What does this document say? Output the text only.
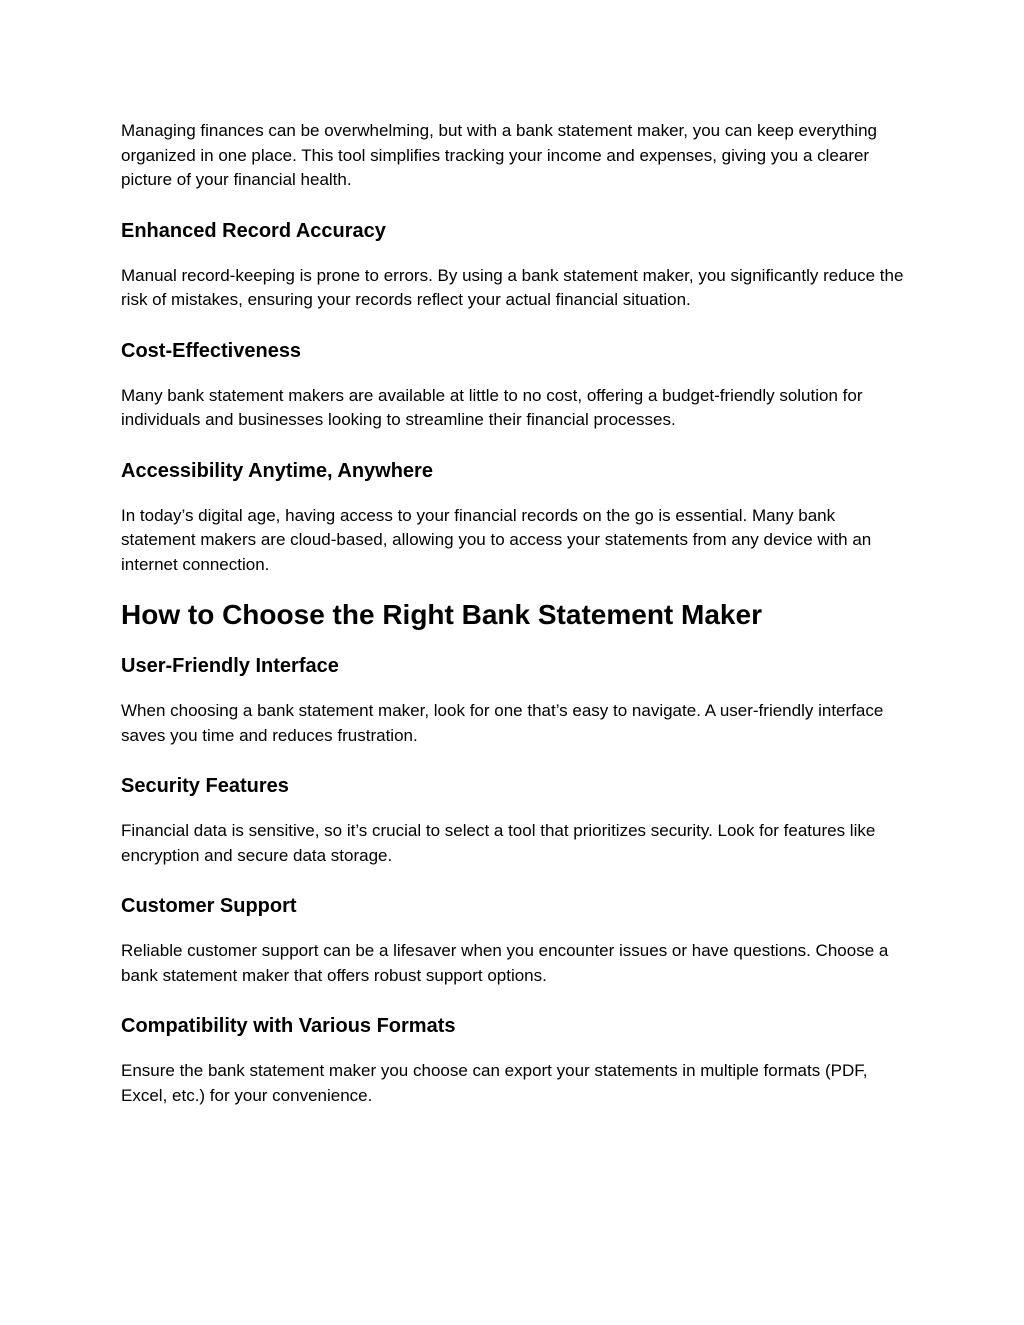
Managing finances can be overwhelming, but with a bank statement maker, you can keep everything organized in one place. This tool simplifies tracking your income and expenses, giving you a clearer picture of your financial health.

Enhanced Record Accuracy

Manual record-keeping is prone to errors. By using a bank statement maker, you significantly reduce the risk of mistakes, ensuring your records reflect your actual financial situation.

Cost-Effectiveness

Many bank statement makers are available at little to no cost, offering a budget-friendly solution for individuals and businesses looking to streamline their financial processes.

Accessibility Anytime, Anywhere

In today’s digital age, having access to your financial records on the go is essential. Many bank statement makers are cloud-based, allowing you to access your statements from any device with an internet connection.

How to Choose the Right Bank Statement Maker
User-Friendly Interface

When choosing a bank statement maker, look for one that’s easy to navigate. A user-friendly interface saves you time and reduces frustration.

Security Features

Financial data is sensitive, so it’s crucial to select a tool that prioritizes security. Look for features like encryption and secure data storage.

Customer Support

Reliable customer support can be a lifesaver when you encounter issues or have questions. Choose a bank statement maker that offers robust support options.

Compatibility with Various Formats

Ensure the bank statement maker you choose can export your statements in multiple formats (PDF, Excel, etc.) for your convenience.
